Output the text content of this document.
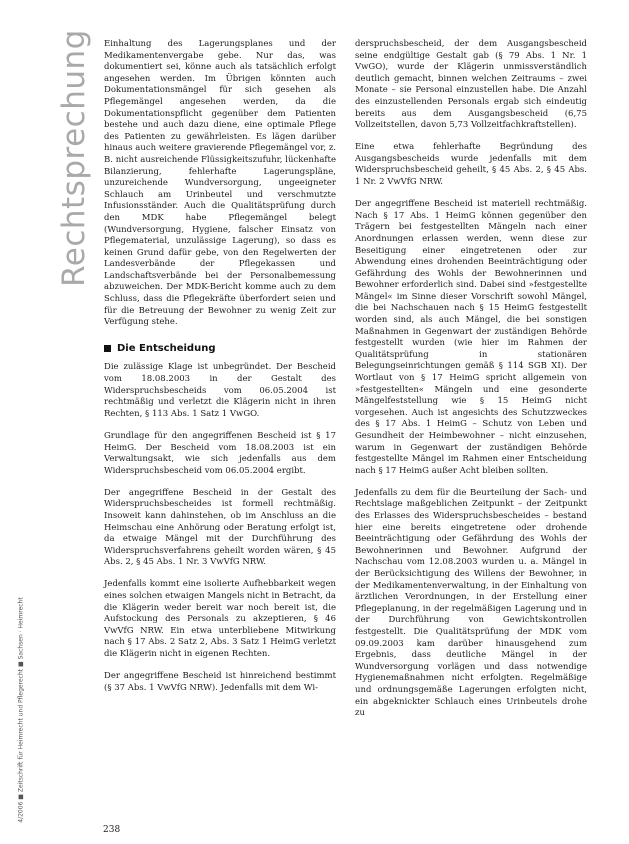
Rechtsprechung
4/2006 ■ Zeitschrift für Heimrecht und Pflegerecht ■ Sachsen · Heimrecht

Einhaltung des Lagerungsplanes und der Medikamentenvergabe gebe. Nur das, was dokumentiert sei, könne auch als tatsächlich erfolgt angesehen werden. Im Übrigen könnten auch Dokumentationsmängel für sich gesehen als Pflegemängel angesehen werden, da die Dokumentationspflicht gegenüber dem Patienten bestehe und auch dazu diene, eine optimale Pflege des Patienten zu gewährleisten. Es lägen darüber hinaus auch weitere gravierende Pflegemängel vor, z. B. nicht ausreichende Flüssigkeitszufuhr, lückenhafte Bilanzierung, fehlerhafte Lagerungspläne, unzureichende Wundversorgung, ungeeigneter Schlauch am Urinbeutel und verschmutzte Infusionsständer. Auch die Qualitätsprüfung durch den MDK habe Pflegemängel belegt (Wundversorgung, Hygiene, falscher Einsatz von Pflegematerial, unzulässige Lagerung), so dass es keinen Grund dafür gebe, von den Regelwerten der Landesverbände der Pflegekassen und Landschaftsverbände bei der Personalbemessung abzuweichen. Der MDK-Bericht komme auch zu dem Schluss, dass die Pflegekräfte überfordert seien und für die Betreuung der Bewohner zu wenig Zeit zur Verfügung stehe.

Die Entscheidung

Die zulässige Klage ist unbegründet. Der Bescheid vom 18.08.2003 in der Gestalt des Widerspruchsbescheids vom 06.05.2004 ist rechtmäßig und verletzt die Klägerin nicht in ihren Rechten, § 113 Abs. 1 Satz 1 VwGO.

Grundlage für den angegriffenen Bescheid ist § 17 HeimG. Der Bescheid vom 18.08.2003 ist ein Verwaltungsakt, wie sich jedenfalls aus dem Widerspruchsbescheid vom 06.05.2004 ergibt.

Der angegriffene Bescheid in der Gestalt des Widerspruchsbescheides ist formell rechtmäßig. Insoweit kann dahinstehen, ob im Anschluss an die Heimschau eine Anhörung oder Beratung erfolgt ist, da etwaige Mängel mit der Durchführung des Widerspruchsverfahrens geheilt worden wären, § 45 Abs. 2, § 45 Abs. 1 Nr. 3 VwVfG NRW.

Jedenfalls kommt eine isolierte Aufhebbarkeit wegen eines solchen etwaigen Mangels nicht in Betracht, da die Klägerin weder bereit war noch bereit ist, die Aufstockung des Personals zu akzeptieren, § 46 VwVfG NRW. Ein etwa unterbliebene Mitwirkung nach § 17 Abs. 2 Satz 2, Abs. 3 Satz 1 HeimG verletzt die Klägerin nicht in eigenen Rechten.

Der angegriffene Bescheid ist hinreichend bestimmt (§ 37 Abs. 1 VwVfG NRW). Jedenfalls mit dem Wi-

derspruchsbescheid, der dem Ausgangsbescheid seine endgültige Gestalt gab (§ 79 Abs. 1 Nr. 1 VwGO), wurde der Klägerin unmissverständlich deutlich gemacht, binnen welchen Zeitraums – zwei Monate – sie Personal einzustellen habe. Die Anzahl des einzustellenden Personals ergab sich eindeutig bereits aus dem Ausgangsbescheid (6,75 Vollzeitstellen, davon 5,73 Vollzeitfachkraftstellen).

Eine etwa fehlerhafte Begründung des Ausgangsbescheids wurde jedenfalls mit dem Widerspruchsbescheid geheilt, § 45 Abs. 2, § 45 Abs. 1 Nr. 2 VwVfG NRW.

Der angegriffene Bescheid ist materiell rechtmäßig. Nach § 17 Abs. 1 HeimG können gegenüber den Trägern bei festgestellten Mängeln nach einer Anordnungen erlassen werden, wenn diese zur Beseitigung einer eingetretenen oder zur Abwendung eines drohenden Beeinträchtigung oder Gefährdung des Wohls der Bewohnerinnen und Bewohner erforderlich sind. Dabei sind »festgestellte Mängel« im Sinne dieser Vorschrift sowohl Mängel, die bei Nachschauen nach § 15 HeimG festgestellt worden sind, als auch Mängel, die bei sonstigen Maßnahmen in Gegenwart der zuständigen Behörde festgestellt wurden (wie hier im Rahmen der Qualitätsprüfung in stationären Belegungseinrichtungen gemäß § 114 SGB XI). Der Wortlaut von § 17 HeimG spricht allgemein von »festgestellten« Mängeln und eine gesonderte Mängelfeststellung wie § 15 HeimG nicht vorgesehen. Auch ist angesichts des Schutzzweckes des § 17 Abs. 1 HeimG – Schutz von Leben und Gesundheit der Heimbewohner – nicht einzusehen, warum in Gegenwart der zuständigen Behörde festgestellte Mängel im Rahmen einer Entscheidung nach § 17 HeimG außer Acht bleiben sollten.

Jedenfalls zu dem für die Beurteilung der Sach- und Rechtslage maßgeblichen Zeitpunkt – der Zeitpunkt des Erlasses des Widerspruchsbescheides – bestand hier eine bereits eingetretene oder drohende Beeinträchtigung oder Gefährdung des Wohls der Bewohnerinnen und Bewohner. Aufgrund der Nachschau vom 12.08.2003 wurden u. a. Mängel in der Berücksichtigung des Willens der Bewohner, in der Medikamentenverwaltung, in der Einhaltung von ärztlichen Verordnungen, in der Erstellung einer Pflegeplanung, in der regelmäßigen Lagerung und in der Durchführung von Gewichtskontrollen festgestellt. Die Qualitätsprüfung der MDK vom 09.09.2003 kam darüber hinausgehend zum Ergebnis, dass deutliche Mängel in der Wundversorgung vorlägen und dass notwendige Hygienemaßnahmen nicht erfolgten. Regelmäßige und ordnungsgemäße Lagerungen erfolgten nicht, ein abgeknickter Schlauch eines Urinbeutels drohe zu

238
